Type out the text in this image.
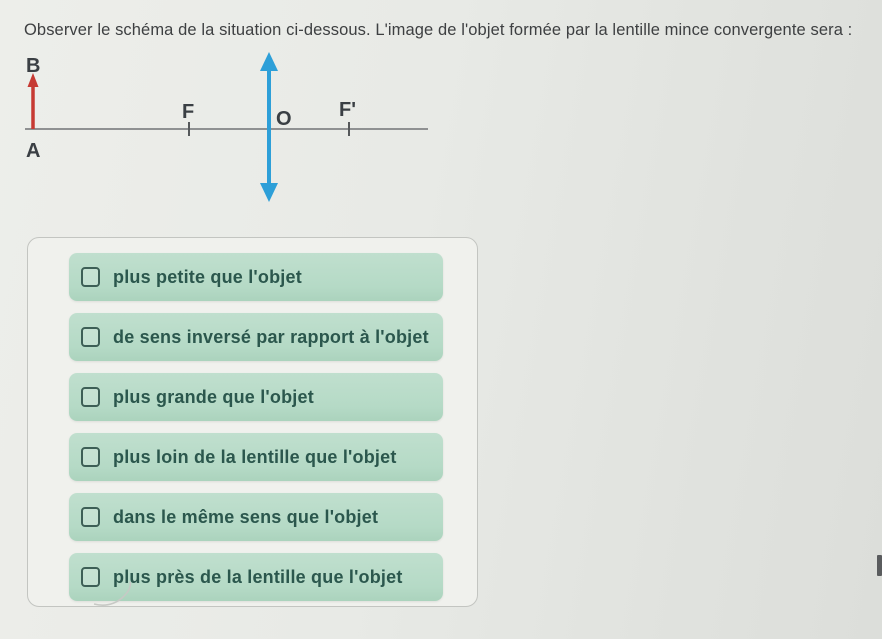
Observer le schéma de la situation ci-dessous. L'image de l'objet formée par la lentille mince convergente sera :
B
A
F	O F'
plus petite que l'objet
de sens inversé par rapport à l'objet
plus grande que l'objet
plus loin de la lentille que l'objet
dans le même sens que l'objet
plus près de la lentille que l'objet
